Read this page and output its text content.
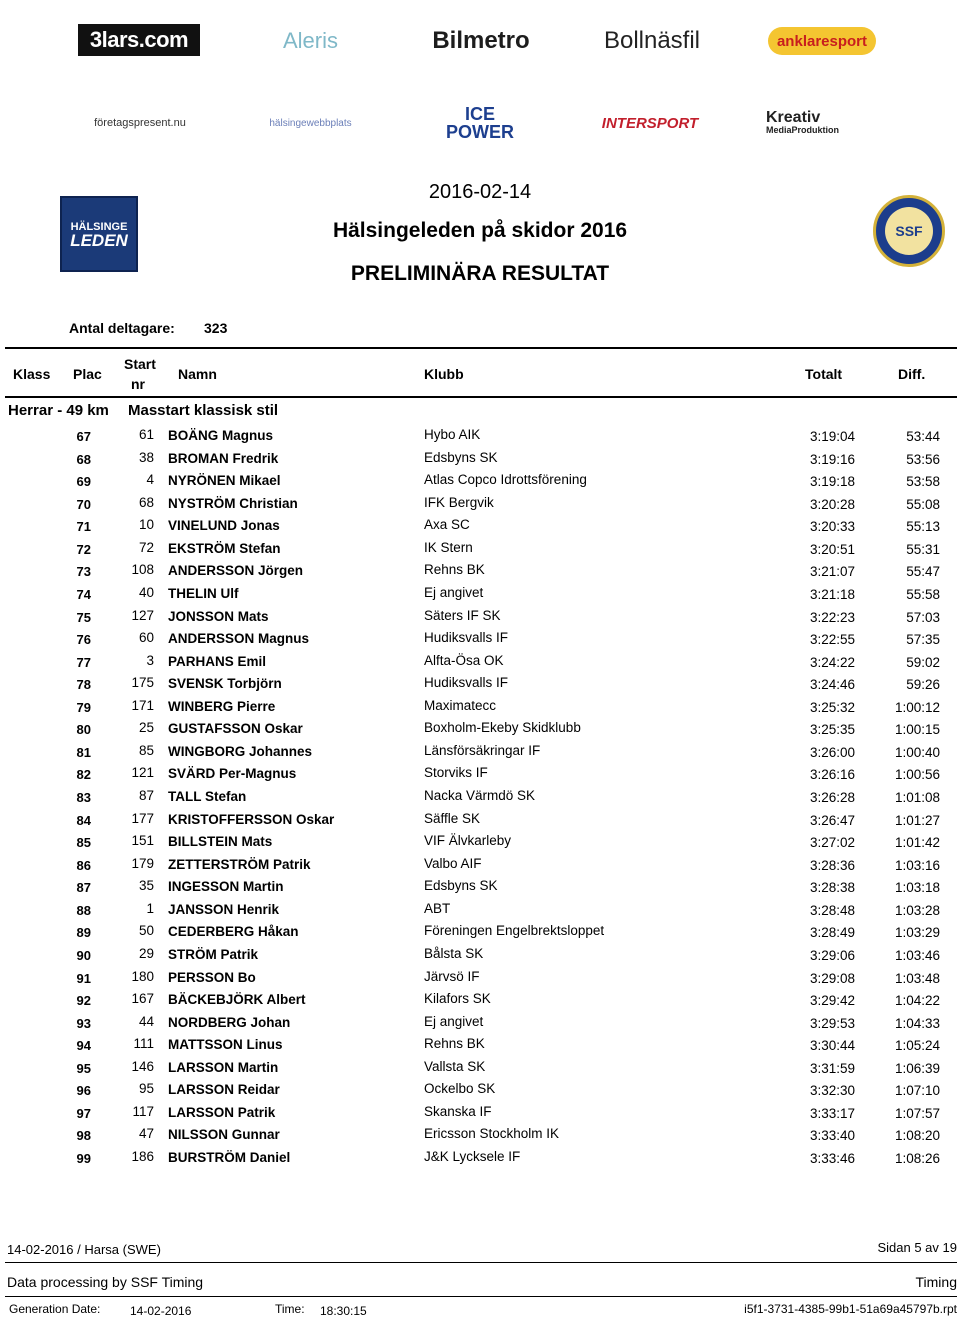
3lars.com	Aleris	Bilmetro	Bollnäsfil	anklaresport
företagspresent.nu	hälsingewebbplats	ICE
POWER	INTERSPORT	Kreativ
MediaProduktion
HÄLSINGE
LEDEN	SSF
2016-02-14
Hälsingeleden på skidor 2016
PRELIMINÄRA RESULTAT
Antal deltagare: 323
Klass Plac
Start
nr
Namn	Klubb	Totalt	Diff.
Herrar - 49 km Masstart klassisk stil
67	61 BOÄNG Magnus	Hybo AIK	3:19:04	53:44
68	38 BROMAN Fredrik	Edsbyns SK	3:19:16	53:56
69	4 NYRÖNEN Mikael	Atlas Copco Idrottsförening	3:19:18	53:58
70	68 NYSTRÖM Christian	IFK Bergvik	3:20:28	55:08
71	10 VINELUND Jonas	Axa SC	3:20:33	55:13
72	72 EKSTRÖM Stefan	IK Stern	3:20:51	55:31
73	108 ANDERSSON Jörgen	Rehns BK	3:21:07	55:47
74	40 THELIN Ulf	Ej angivet	3:21:18	55:58
75	127 JONSSON Mats	Säters IF SK	3:22:23	57:03
76	60 ANDERSSON Magnus	Hudiksvalls IF	3:22:55	57:35
77	3 PARHANS Emil	Alfta-Ösa OK	3:24:22	59:02
78	175 SVENSK Torbjörn	Hudiksvalls IF	3:24:46	59:26
79	171 WINBERG Pierre	Maximatecc	3:25:32	1:00:12
80	25 GUSTAFSSON Oskar	Boxholm-Ekeby Skidklubb	3:25:35	1:00:15
81	85 WINGBORG Johannes	Länsförsäkringar IF	3:26:00	1:00:40
82	121 SVÄRD Per-Magnus	Storviks IF	3:26:16	1:00:56
83	87 TALL Stefan	Nacka Värmdö SK	3:26:28	1:01:08
84	177 KRISTOFFERSSON Oskar	Säffle SK	3:26:47	1:01:27
85	151 BILLSTEIN Mats	VIF Älvkarleby	3:27:02	1:01:42
86	179 ZETTERSTRÖM Patrik	Valbo AIF	3:28:36	1:03:16
87	35 INGESSON Martin	Edsbyns SK	3:28:38	1:03:18
88	1 JANSSON Henrik	ABT	3:28:48	1:03:28
89	50 CEDERBERG Håkan	Föreningen Engelbrektsloppet	3:28:49	1:03:29
90	29 STRÖM Patrik	Bålsta SK	3:29:06	1:03:46
91	180 PERSSON Bo	Järvsö IF	3:29:08	1:03:48
92	167 BÄCKEBJÖRK Albert	Kilafors SK	3:29:42	1:04:22
93	44 NORDBERG Johan	Ej angivet	3:29:53	1:04:33
94	111 MATTSSON Linus	Rehns BK	3:30:44	1:05:24
95	146 LARSSON Martin	Vallsta SK	3:31:59	1:06:39
96	95 LARSSON Reidar	Ockelbo SK	3:32:30	1:07:10
97	117 LARSSON Patrik	Skanska IF	3:33:17	1:07:57
98	47 NILSSON Gunnar	Ericsson Stockholm IK	3:33:40	1:08:20
99	186 BURSTRÖM Daniel	J&K Lycksele IF	3:33:46	1:08:26
14-02-2016 / Harsa (SWE)	Sidan 5 av 19
Data processing by SSF Timing	Timing
Generation Date: 14-02-2016	Time: 18:30:15	i5f1-3731-4385-99b1-51a69a45797b.rpt
